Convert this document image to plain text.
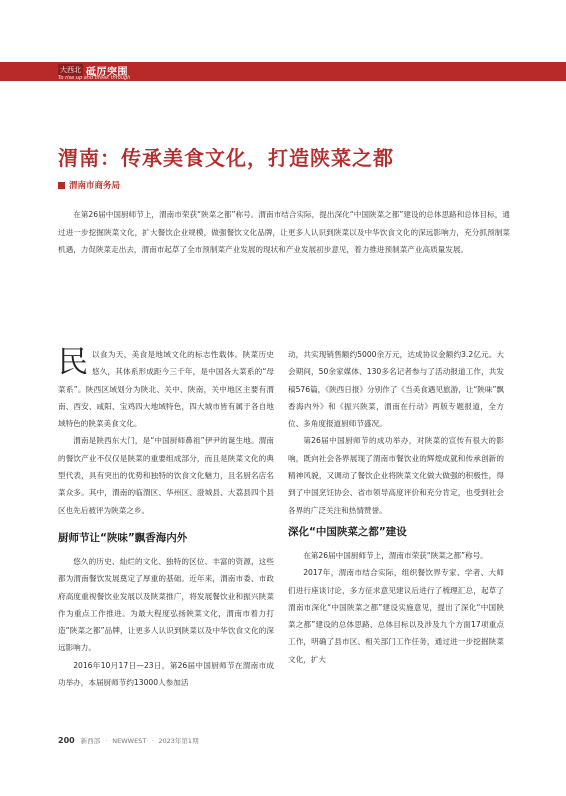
大西北 砥厉突围
To rise up and break through
渭南：传承美食文化，打造陕菜之都
渭南市商务局

在第26届中国厨师节上，渭南市荣获“陕菜之都”称号。渭南市结合实际，提出深化“中国陕菜之都”建设的总体思路和总体目标，通过进一步挖掘陕菜文化，扩大餐饮企业规模，做强餐饮文化品牌，让更多人认识到陕菜以及中华饮食文化的深远影响力，充分抓预制菜机遇，力促陕菜走出去，渭南市起草了全市预制菜产业发展的现状和产业发展初步意见，着力推进预制菜产业高质量发展。

民以食为天，美食是地域文化的标志性载体。陕菜历史悠久，其体系形成距今三千年，是中国各大菜系的“母菜系”。陕西区域划分为陕北、关中、陕南，关中地区主要有渭南、西安、咸阳、宝鸡四大地域特色，四大城市皆有属于各自地域特色的陕菜美食文化。

渭南是陕西东大门，是“中国厨师鼻祖”伊尹的诞生地。渭南的餐饮产业不仅仅是陕菜的重要组成部分，而且是陕菜文化的典型代表，具有突出的优势和独特的饮食文化魅力，且名厨名店名菜众多。其中，渭南的临渭区、华州区、澄城县、大荔县四个县区也先后被评为陕菜之乡。

厨师节让“陕味”飘香海内外

悠久的历史、灿烂的文化、独特的区位、丰富的资源，这些都为渭南餐饮发展奠定了厚重的基础。近年来，渭南市委、市政府高度重视餐饮业发展以及陕菜推广，将发展餐饮业和振兴陕菜作为重点工作推进。为最大程度弘扬陕菜文化，渭南市着力打造“陕菜之都”品牌，让更多人认识到陕菜以及中华饮食文化的深远影响力。

2016年10月17日—23日，第26届中国厨师节在渭南市成功举办，本届厨师节约13000人参加活

动，共实现销售额约5000余万元，达成协议金额约3.2亿元。大会期间，50余家媒体、130多名记者参与了活动报道工作，共发稿576篇，《陕西日报》分别作了《当美食遇见旅游，让“陕味”飘香海内外》和《振兴陕菜，渭南在行动》两版专题报道，全方位、多角度报道厨师节盛况。

第26届中国厨师节的成功举办，对陕菜的宣传有很大的影响，既向社会各界展现了渭南市餐饮业的辉煌成就和传承创新的精神风貌，又调动了餐饮企业将陕菜文化做大做强的积极性，得到了中国烹饪协会、省市领导高度评价和充分肯定，也受到社会各界的广泛关注和热情赞誉。

深化“中国陕菜之都”建设

在第26届中国厨师节上，渭南市荣获“陕菜之都”称号。

2017年，渭南市结合实际，组织餐饮界专家、学者、大师们进行座谈讨论，多方征求意见建议后进行了梳理汇总，起草了渭南市深化“中国陕菜之都”建设实施意见，提出了深化“中国陕菜之都”建设的总体思路、总体目标以及涉及九个方面17项重点工作，明确了县市区、相关部门工作任务，通过进一步挖掘陕菜文化，扩大

200 新西部 · NEWWEST · 2023年第1期
